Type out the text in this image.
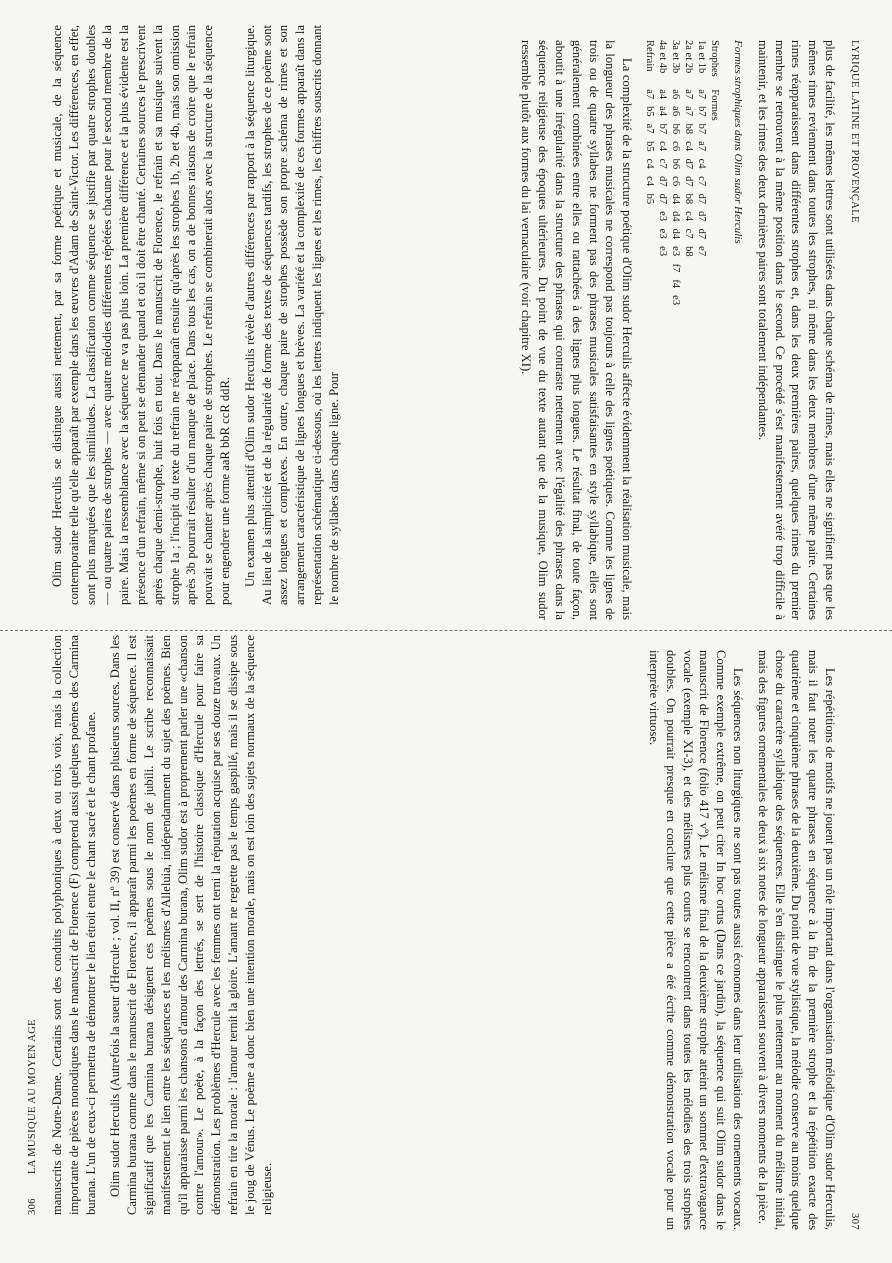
306
LA MUSIQUE AU MOYEN AGE manuscrits de Notre-Dame. Certains sont des conduits polyphoniques à deux ou trois voix, mais la collection importante de pièces monodiques dans le manuscrit de Florence (F) comprend aussi quelques poèmes des Carmina burana. L'un de ceux-ci permettra de démontrer le lien étroit entre le chant sacré et le chant profane. Olim sudor Herculis (Autrefois la sueur d'Hercule ; vol. II, nº 39) est conservé dans plusieurs sources. Dans les Carmina burana comme dans le manuscrit de Florence, il apparaît parmi les poèmes en forme de séquence. Il est significatif que les Carmina burana désignent ces poèmes sous le nom de jubili. Le scribe reconnaissait manifestement le lien entre les séquences et les mélismes d'Alleluia, indépendamment du sujet des poèmes. Bien qu'il apparaisse parmi les chansons d'amour des Carmina burana, Olim sudor est à proprement parler une «chanson contre l'amour». Le poète, à la façon des lettrés, se sert de l'histoire classique d'Hercule pour faire sa démonstration. Les problèmes d'Hercule avec les femmes ont terni la réputation acquise par ses douze travaux. Un refrain en tire la morale : l'amour ternit la gloire. L'amant ne regrette pas le temps gaspillé, mais il se dissipe sous le joug de Vénus. Le poème a donc bien une intention morale, mais on est loin des sujets normaux de la séquence religieuse.

Olim sudor Herculis se distingue aussi nettement, par sa forme poétique et musicale, de la séquence contemporaine telle qu'elle apparaît par exemple dans les œuvres d'Adam de Saint-Victor. Les différences, en effet, sont plus marquées que les similitudes. La classification comme séquence se justifie par quatre strophes doubles — ou quatre paires de strophes — avec quatre mélodies différentes répétées chacune pour le second membre de la paire. Mais la ressemblance avec la séquence ne va pas plus loin. La première différence et la plus évidente est la présence d'un refrain, même si on peut se demander quand et où il doit être chanté. Certaines sources le prescrivent après chaque demi-strophe, huit fois en tout. Dans le manuscrit de Florence, le refrain et sa musique suivent la strophe 1a ; l'incipit du texte du refrain ne réapparaît ensuite qu'après les strophes 1b, 2b et 4b, mais son omission après 3b pourrait résulter d'un manque de place. Dans tous les cas, on a de bonnes raisons de croire que le refrain pouvait se chanter après chaque paire de strophes. Le refrain se combinerait alors avec la structure de la séquence pour engendrer une forme aaR bbR ccR ddR. Un examen plus attentif d'Olim sudor Herculis révèle d'autres différences par rapport à la séquence liturgique. Au lieu de la simplicité et de la régularité de forme des textes de séquences tardifs, les strophes de ce poème sont assez longues et complexes. En outre, chaque paire de strophes possède son propre schéma de rimes et son arrangement caractéristique de lignes longues et brèves. La variété et la complexité de ces formes apparaît dans la représentation schématique ci-dessous, où les lettres indiquent les lignes et les rimes, les chiffres souscrits donnant le nombre de syllabes dans chaque ligne. Pour

LYRIQUE LATINE ET PROVENÇALE
307

plus de facilité, les mêmes lettres sont utilisées dans chaque schéma de rimes, mais elles ne signifient pas que les mêmes rimes reviennent dans toutes les strophes, ni même dans les deux membres d'une même paire. Certaines rimes réapparaissent dans différentes strophes et, dans les deux premières paires, quelques rimes du premier membre se retrouvent à la même position dans le second. Ce procédé s'est manifestement avéré trop difficile à maintenir, et les rimes des deux dernières paires sont totalement indépendantes.

Formes strophiques dans Olim sudor Herculis

Strophes	Formes												
1a et 1b	a7	b7	b7	a7	c4	c7	d7	d7	d7	e7			
2a et 2b	a7	a7	b8	c4	d7	d7	b8	c4	c7	b8			
3a et 3b	a6	a6	b6	c6	b6	c6	d4	d4	d4	e3	f7	f4	e3
4a et 4b	a4	a4	b7	c4	c7	d7	d7	e3	e3	e3			
Refrain	a7	b5	a7	b5	c4	c4	b5						

La complexité de la structure poétique d'Olim sudor Herculis affecte évidemment la réalisation musicale, mais la longueur des phrases musicales ne correspond pas toujours à celle des lignes poétiques. Comme les lignes de trois ou de quatre syllabes ne forment pas des phrases musicales satisfaisantes en style syllabique, elles sont généralement combinées entre elles ou rattachées à des lignes plus longues. Le résultat final, de toute façon, aboutit à une irrégularité dans la structure des phrases qui contraste nettement avec l'égalité des phrases dans la séquence religieuse des époques ultérieures. Du point de vue du texte autant que de la musique, Olim sudor ressemble plutôt aux formes du lai vernaculaire (voir chapitre XI).

Les répétitions de motifs ne jouent pas un rôle important dans l'organisation mélodique d'Olim sudor Herculis, mais il faut noter les quatre phrases en séquence à la fin de la première strophe et la répétition exacte des quatrième et cinquième phrases de la deuxième. Du point de vue stylistique, la mélodie conserve au moins quelque chose du caractère syllabique des séquences. Elle s'en distingue le plus nettement au moment du mélisme initial, mais des figures ornementales de deux à six notes de longueur apparaissent souvent à divers moments de la pièce.

Les séquences non liturgiques ne sont pas toutes aussi économes dans leur utilisation des ornements vocaux. Comme exemple extrême, on peut citer In hoc ortus (Dans ce jardin), la séquence qui suit Olim sudor dans le manuscrit de Florence (folio 417 vº). Le mélisme final de la deuxième strophe atteint un sommet d'extravagance vocale (exemple XI-3), et des mélismes plus courts se rencontrent dans toutes les mélodies des trois strophes doubles. On pourrait presque en conclure que cette pièce a été écrite comme démonstration vocale pour un interprète virtuose.
